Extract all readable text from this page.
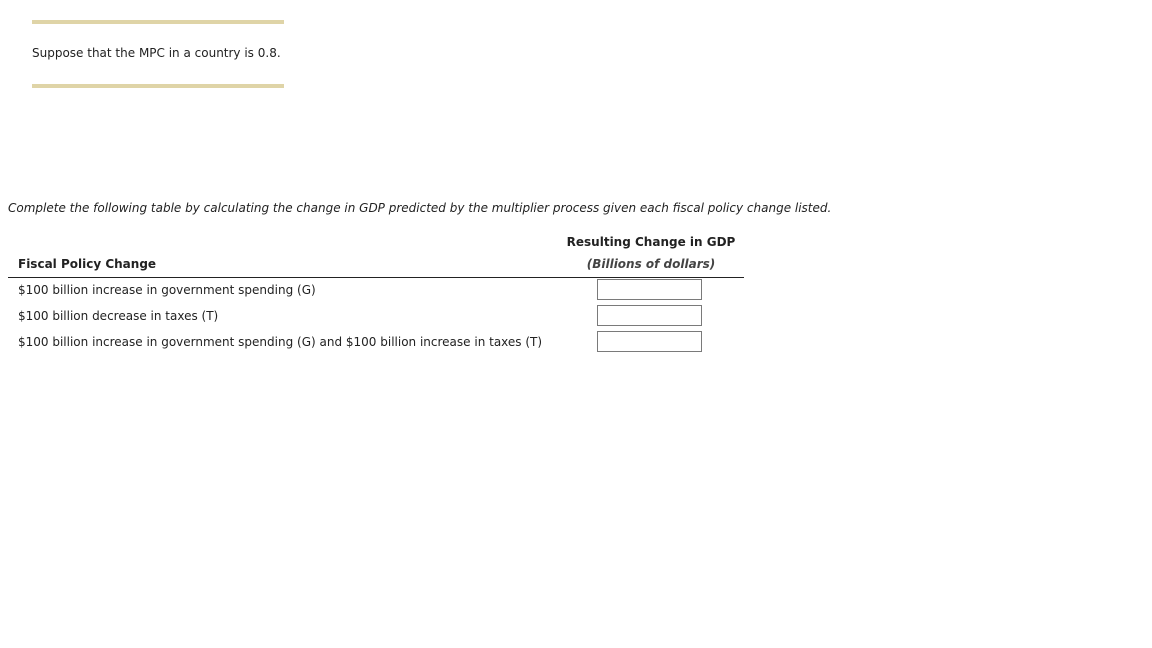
Suppose that the MPC in a country is 0.8.
Complete the following table by calculating the change in GDP predicted by the multiplier process given each fiscal policy change listed.
Resulting Change in GDP
Fiscal Policy Change	(Billions of dollars)
$100 billion increase in government spending (G)
$100 billion decrease in taxes (T)
$100 billion increase in government spending (G) and $100 billion increase in taxes (T)
